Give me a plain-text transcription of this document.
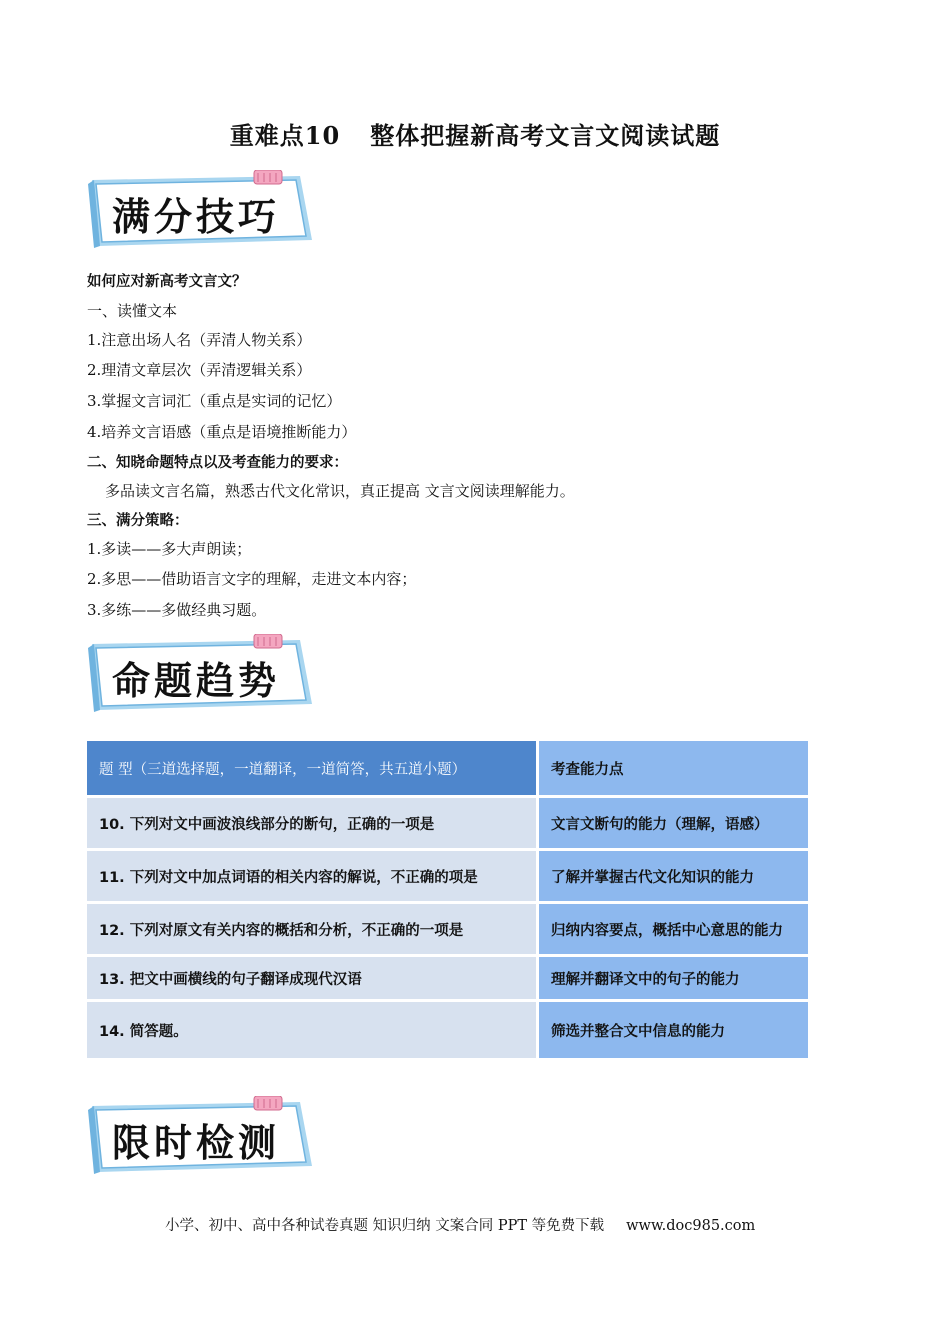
重难点10 整体把握新高考文言文阅读试题
满分技巧
如何应对新高考文言文？
一、读懂文本
1.注意出场人名（弄清人物关系）
2.理清文章层次（弄清逻辑关系）
3.掌握文言词汇（重点是实词的记忆）
4.培养文言语感（重点是语境推断能力）
二、知晓命题特点以及考查能力的要求：
多品读文言名篇，熟悉古代文化常识，真正提高 文言文阅读理解能力。
三、满分策略：
1.多读——多大声朗读；
2.多思——借助语言文字的理解，走进文本内容；
3.多练——多做经典习题。
命题趋势
题 型（三道选择题，一道翻译，一道简答，共五道小题）	考查能力点
10. 下列对文中画波浪线部分的断句，正确的一项是	文言文断句的能力（理解，语感）
11. 下列对文中加点词语的相关内容的解说，不正确的项是	了解并掌握古代文化知识的能力
12. 下列对原文有关内容的概括和分析，不正确的一项是	归纳内容要点，概括中心意思的能力
13. 把文中画横线的句子翻译成现代汉语	理解并翻译文中的句子的能力
14. 简答题。	筛选并整合文中信息的能力
限时检测
小学、初中、高中各种试卷真题 知识归纳 文案合同 PPT 等免费下载 www.doc985.com
